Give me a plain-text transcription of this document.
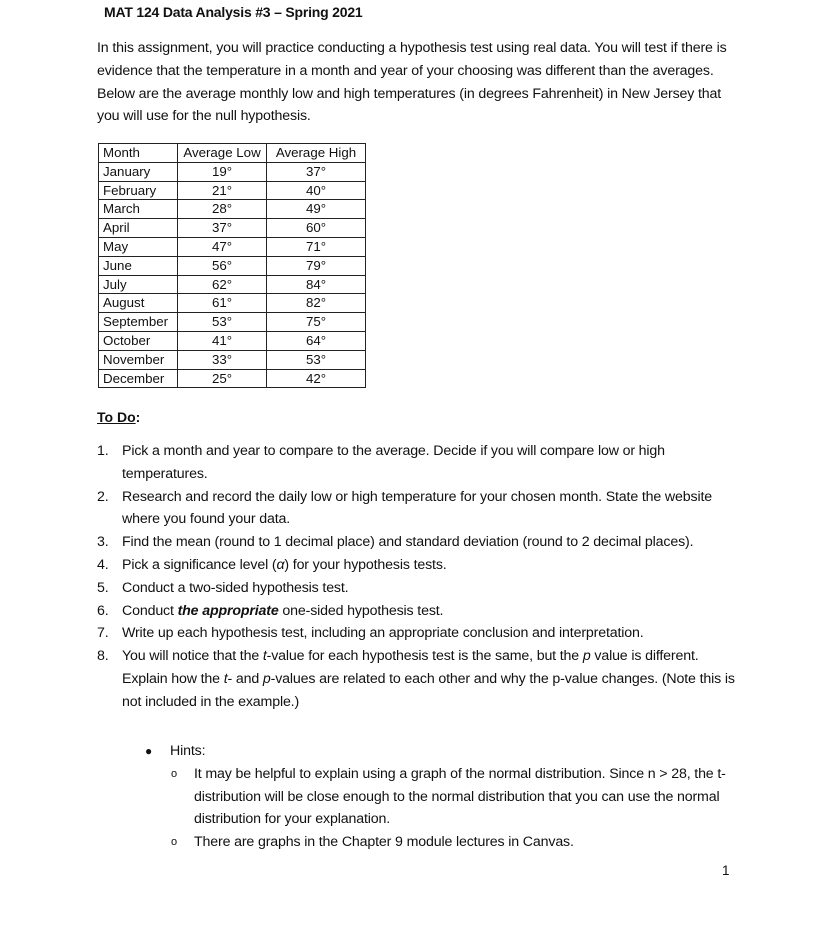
MAT 124 Data Analysis #3 – Spring 2021

In this assignment, you will practice conducting a hypothesis test using real data. You will test if there is evidence that the temperature in a month and year of your choosing was different than the averages. Below are the average monthly low and high temperatures (in degrees Fahrenheit) in New Jersey that you will use for the null hypothesis.

Month	Average Low	Average High
January	19°	37°
February	21°	40°
March	28°	49°
April	37°	60°
May	47°	71°
June	56°	79°
July	62°	84°
August	61°	82°
September	53°	75°
October	41°	64°
November	33°	53°
December	25°	42°
To Do:
1. Pick a month and year to compare to the average. Decide if you will compare low or high temperatures.
2. Research and record the daily low or high temperature for your chosen month. State the website where you found your data.
3. Find the mean (round to 1 decimal place) and standard deviation (round to 2 decimal places).
4. Pick a significance level (α) for your hypothesis tests.
5. Conduct a two-sided hypothesis test.
6. Conduct the appropriate one-sided hypothesis test.
7. Write up each hypothesis test, including an appropriate conclusion and interpretation.
8. You will notice that the t-value for each hypothesis test is the same, but the p value is different. Explain how the t- and p-values are related to each other and why the p-value changes. (Note this is not included in the example.)
● Hints:
o It may be helpful to explain using a graph of the normal distribution. Since n > 28, the t-distribution will be close enough to the normal distribution that you can use the normal distribution for your explanation.
o There are graphs in the Chapter 9 module lectures in Canvas.
1
